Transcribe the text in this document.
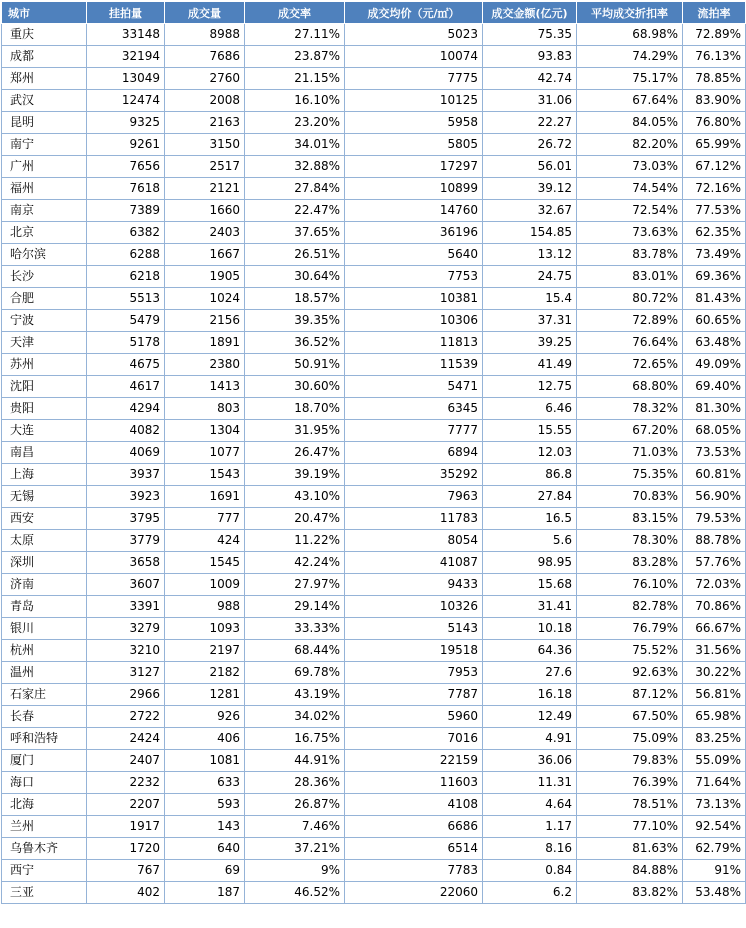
城市	挂拍量	成交量	成交率	成交均价（元/㎡）	成交金额(亿元)	平均成交折扣率	流拍率
重庆	33148	8988	27.11%	5023	75.35	68.98%	72.89%
成都	32194	7686	23.87%	10074	93.83	74.29%	76.13%
郑州	13049	2760	21.15%	7775	42.74	75.17%	78.85%
武汉	12474	2008	16.10%	10125	31.06	67.64%	83.90%
昆明	9325	2163	23.20%	5958	22.27	84.05%	76.80%
南宁	9261	3150	34.01%	5805	26.72	82.20%	65.99%
广州	7656	2517	32.88%	17297	56.01	73.03%	67.12%
福州	7618	2121	27.84%	10899	39.12	74.54%	72.16%
南京	7389	1660	22.47%	14760	32.67	72.54%	77.53%
北京	6382	2403	37.65%	36196	154.85	73.63%	62.35%
哈尔滨	6288	1667	26.51%	5640	13.12	83.78%	73.49%
长沙	6218	1905	30.64%	7753	24.75	83.01%	69.36%
合肥	5513	1024	18.57%	10381	15.4	80.72%	81.43%
宁波	5479	2156	39.35%	10306	37.31	72.89%	60.65%
天津	5178	1891	36.52%	11813	39.25	76.64%	63.48%
苏州	4675	2380	50.91%	11539	41.49	72.65%	49.09%
沈阳	4617	1413	30.60%	5471	12.75	68.80%	69.40%
贵阳	4294	803	18.70%	6345	6.46	78.32%	81.30%
大连	4082	1304	31.95%	7777	15.55	67.20%	68.05%
南昌	4069	1077	26.47%	6894	12.03	71.03%	73.53%
上海	3937	1543	39.19%	35292	86.8	75.35%	60.81%
无锡	3923	1691	43.10%	7963	27.84	70.83%	56.90%
西安	3795	777	20.47%	11783	16.5	83.15%	79.53%
太原	3779	424	11.22%	8054	5.6	78.30%	88.78%
深圳	3658	1545	42.24%	41087	98.95	83.28%	57.76%
济南	3607	1009	27.97%	9433	15.68	76.10%	72.03%
青岛	3391	988	29.14%	10326	31.41	82.78%	70.86%
银川	3279	1093	33.33%	5143	10.18	76.79%	66.67%
杭州	3210	2197	68.44%	19518	64.36	75.52%	31.56%
温州	3127	2182	69.78%	7953	27.6	92.63%	30.22%
石家庄	2966	1281	43.19%	7787	16.18	87.12%	56.81%
长春	2722	926	34.02%	5960	12.49	67.50%	65.98%
呼和浩特	2424	406	16.75%	7016	4.91	75.09%	83.25%
厦门	2407	1081	44.91%	22159	36.06	79.83%	55.09%
海口	2232	633	28.36%	11603	11.31	76.39%	71.64%
北海	2207	593	26.87%	4108	4.64	78.51%	73.13%
兰州	1917	143	7.46%	6686	1.17	77.10%	92.54%
乌鲁木齐	1720	640	37.21%	6514	8.16	81.63%	62.79%
西宁	767	69	9%	7783	0.84	84.88%	91%
三亚	402	187	46.52%	22060	6.2	83.82%	53.48%
